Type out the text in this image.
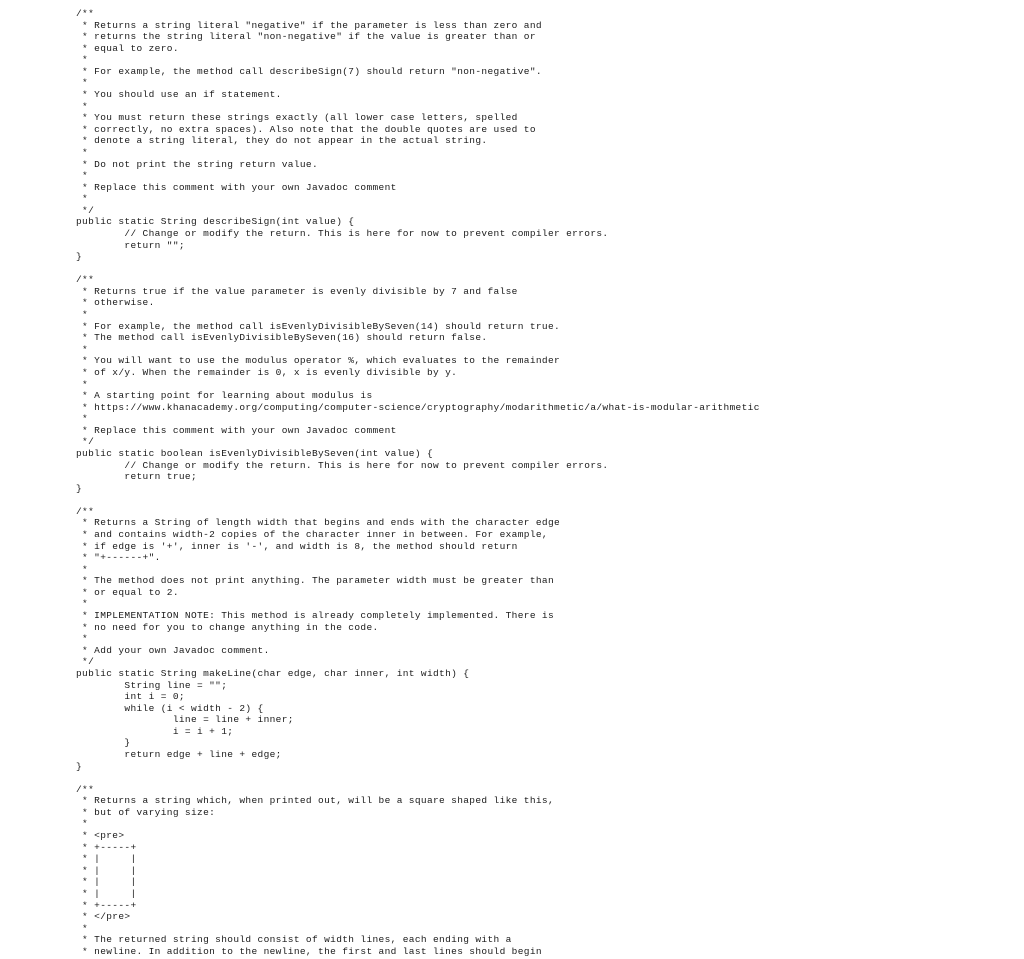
/**
* Returns a string literal "negative" if the parameter is less than zero and
* returns the string literal "non-negative" if the value is greater than or
* equal to zero.
*
* For example, the method call describeSign(7) should return "non-negative".
*
* You should use an if statement.
*
* You must return these strings exactly (all lower case letters, spelled
* correctly, no extra spaces). Also note that the double quotes are used to
* denote a string literal, they do not appear in the actual string.
*
* Do not print the string return value.
*
* Replace this comment with your own Javadoc comment
*
*/
public static String describeSign(int value) {
// Change or modify the return. This is here for now to prevent compiler errors.
return "";
}
/**
* Returns true if the value parameter is evenly divisible by 7 and false
* otherwise.
*
* For example, the method call isEvenlyDivisibleBySeven(14) should return true.
* The method call isEvenlyDivisibleBySeven(16) should return false.
*
* You will want to use the modulus operator %, which evaluates to the remainder
* of x/y. When the remainder is 0, x is evenly divisible by y.
*
* A starting point for learning about modulus is
* https://www.khanacademy.org/computing/computer-science/cryptography/modarithmetic/a/what-is-modular-arithmetic
*
* Replace this comment with your own Javadoc comment
*/
public static boolean isEvenlyDivisibleBySeven(int value) {
// Change or modify the return. This is here for now to prevent compiler errors.
return true;
}
/**
* Returns a String of length width that begins and ends with the character edge
* and contains width-2 copies of the character inner in between. For example,
* if edge is '+', inner is '-', and width is 8, the method should return
* "+------+".
*
* The method does not print anything. The parameter width must be greater than
* or equal to 2.
*
* IMPLEMENTATION NOTE: This method is already completely implemented. There is
* no need for you to change anything in the code.
*
* Add your own Javadoc comment.
*/
public static String makeLine(char edge, char inner, int width) {
String line = "";
int i = 0;
while (i < width - 2) {
line = line + inner;
i = i + 1;
}
return edge + line + edge;
}
/**
* Returns a string which, when printed out, will be a square shaped like this,
* but of varying size:
*
* <pre>
* +-----+
* |     |
* |     |
* |     |
* |     |
* +-----+
* </pre>
*
* The returned string should consist of width lines, each ending with a
* newline. In addition to the newline, the first and last lines should begin
